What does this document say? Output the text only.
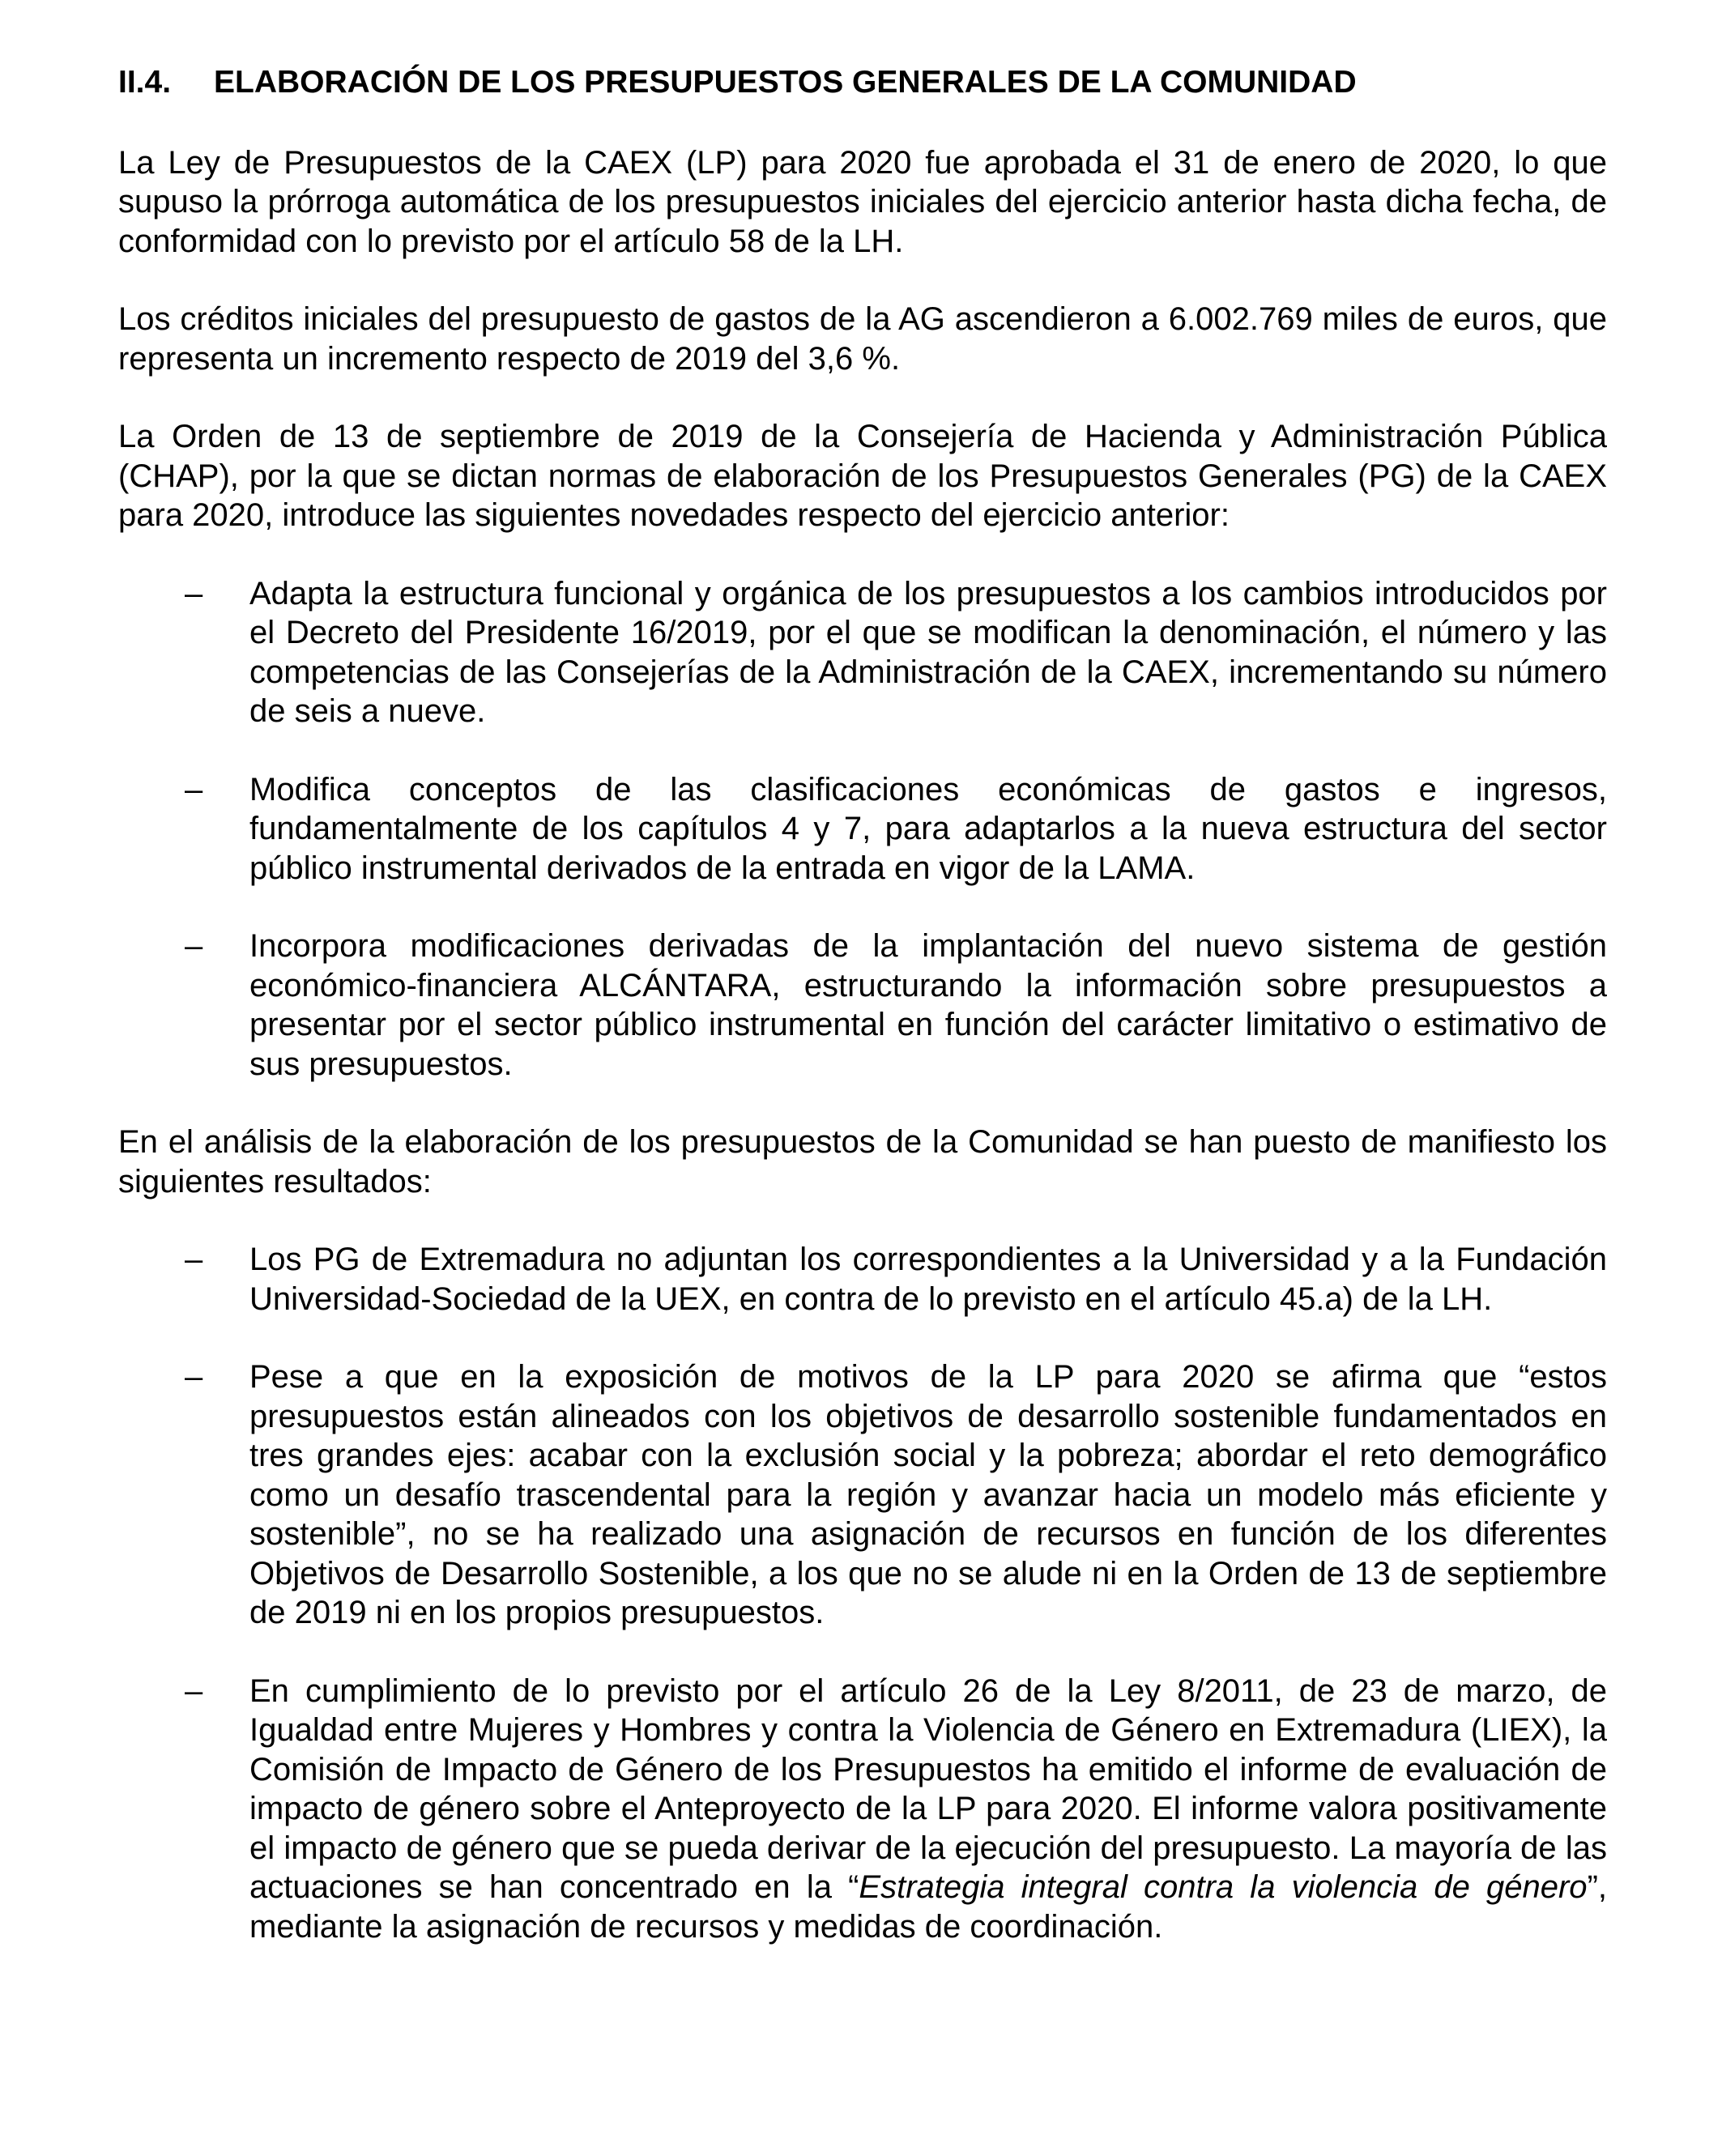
II.4.	ELABORACIÓN DE LOS PRESUPUESTOS GENERALES DE LA COMUNIDAD

La Ley de Presupuestos de la CAEX (LP) para 2020 fue aprobada el 31 de enero de 2020, lo que supuso la prórroga automática de los presupuestos iniciales del ejercicio anterior hasta dicha fecha, de conformidad con lo previsto por el artículo 58 de la LH.

Los créditos iniciales del presupuesto de gastos de la AG ascendieron a 6.002.769 miles de euros, que representa un incremento respecto de 2019 del 3,6 %.

La Orden de 13 de septiembre de 2019 de la Consejería de Hacienda y Administración Pública (CHAP), por la que se dictan normas de elaboración de los Presupuestos Generales (PG) de la CAEX para 2020, introduce las siguientes novedades respecto del ejercicio anterior:

– Adapta la estructura funcional y orgánica de los presupuestos a los cambios introducidos por el Decreto del Presidente 16/2019, por el que se modifican la denominación, el número y las competencias de las Consejerías de la Administración de la CAEX, incrementando su número de seis a nueve.
– Modifica conceptos de las clasificaciones económicas de gastos e ingresos, fundamentalmente de los capítulos 4 y 7, para adaptarlos a la nueva estructura del sector público instrumental derivados de la entrada en vigor de la LAMA.
– Incorpora modificaciones derivadas de la implantación del nuevo sistema de gestión económico-financiera ALCÁNTARA, estructurando la información sobre presupuestos a presentar por el sector público instrumental en función del carácter limitativo o estimativo de sus presupuestos.

En el análisis de la elaboración de los presupuestos de la Comunidad se han puesto de manifiesto los siguientes resultados:

– Los PG de Extremadura no adjuntan los correspondientes a la Universidad y a la Fundación Universidad-Sociedad de la UEX, en contra de lo previsto en el artículo 45.a) de la LH.
– Pese a que en la exposición de motivos de la LP para 2020 se afirma que “estos presupuestos están alineados con los objetivos de desarrollo sostenible fundamentados en tres grandes ejes: acabar con la exclusión social y la pobreza; abordar el reto demográfico como un desafío trascendental para la región y avanzar hacia un modelo más eficiente y sostenible”, no se ha realizado una asignación de recursos en función de los diferentes Objetivos de Desarrollo Sostenible, a los que no se alude ni en la Orden de 13 de septiembre de 2019 ni en los propios presupuestos.
– En cumplimiento de lo previsto por el artículo 26 de la Ley 8/2011, de 23 de marzo, de Igualdad entre Mujeres y Hombres y contra la Violencia de Género en Extremadura (LIEX), la Comisión de Impacto de Género de los Presupuestos ha emitido el informe de evaluación de impacto de género sobre el Anteproyecto de la LP para 2020. El informe valora positivamente el impacto de género que se pueda derivar de la ejecución del presupuesto. La mayoría de las actuaciones se han concentrado en la “Estrategia integral contra la violencia de género”, mediante la asignación de recursos y medidas de coordinación.
